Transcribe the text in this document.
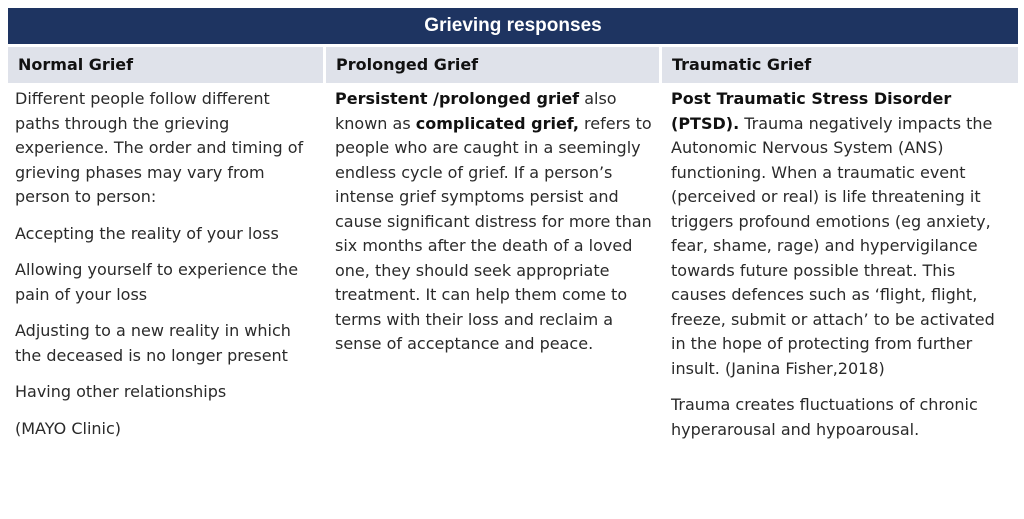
Grieving responses
Normal Grief	Prolonged Grief	Traumatic Grief

Different people follow different paths through the grieving experience. The order and timing of grieving phases may vary from person to person:

Accepting the reality of your loss

Allowing yourself to experience the pain of your loss

Adjusting to a new reality in which the deceased is no longer present

Having other relationships

(MAYO Clinic)

Persistent /prolonged grief also known as complicated grief, refers to people who are caught in a seemingly endless cycle of grief. If a person’s intense grief symptoms persist and cause significant distress for more than six months after the death of a loved one, they should seek appropriate treatment. It can help them come to terms with their loss and reclaim a sense of acceptance and peace.

Post Traumatic Stress Disorder (PTSD). Trauma negatively impacts the Autonomic Nervous System (ANS) functioning. When a traumatic event (perceived or real) is life threatening it triggers profound emotions (eg anxiety, fear, shame, rage) and hypervigilance towards future possible threat. This causes defences such as ‘flight, flight, freeze, submit or attach’ to be activated in the hope of protecting from further insult. (Janina Fisher,2018)

Trauma creates fluctuations of chronic hyperarousal and hypoarousal.
